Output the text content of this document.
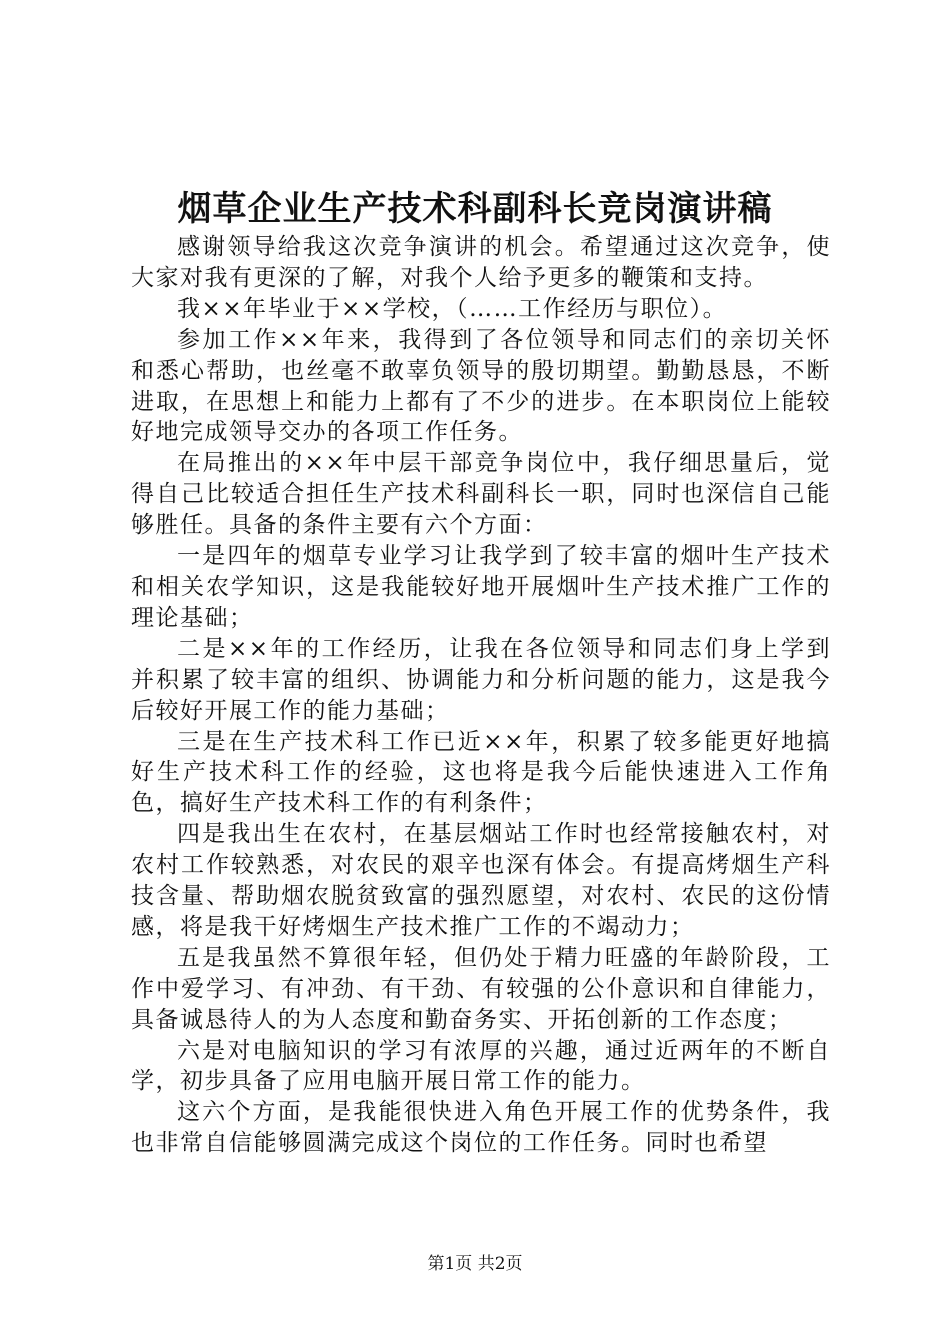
烟草企业生产技术科副科长竞岗演讲稿

感谢领导给我这次竞争演讲的机会。希望通过这次竞争，使大家对我有更深的了解，对我个人给予更多的鞭策和支持。

我××年毕业于××学校，（……工作经历与职位）。

参加工作××年来，我得到了各位领导和同志们的亲切关怀和悉心帮助，也丝毫不敢辜负领导的殷切期望。勤勤恳恳，不断进取，在思想上和能力上都有了不少的进步。在本职岗位上能较好地完成领导交办的各项工作任务。

在局推出的××年中层干部竞争岗位中，我仔细思量后，觉得自己比较适合担任生产技术科副科长一职，同时也深信自己能够胜任。具备的条件主要有六个方面：

一是四年的烟草专业学习让我学到了较丰富的烟叶生产技术和相关农学知识，这是我能较好地开展烟叶生产技术推广工作的理论基础；

二是××年的工作经历，让我在各位领导和同志们身上学到并积累了较丰富的组织、协调能力和分析问题的能力，这是我今后较好开展工作的能力基础；

三是在生产技术科工作已近××年，积累了较多能更好地搞好生产技术科工作的经验，这也将是我今后能快速进入工作角色，搞好生产技术科工作的有利条件；

四是我出生在农村，在基层烟站工作时也经常接触农村，对农村工作较熟悉，对农民的艰辛也深有体会。有提高烤烟生产科技含量、帮助烟农脱贫致富的强烈愿望，对农村、农民的这份情感，将是我干好烤烟生产技术推广工作的不竭动力；

五是我虽然不算很年轻，但仍处于精力旺盛的年龄阶段，工作中爱学习、有冲劲、有干劲、有较强的公仆意识和自律能力，具备诚恳待人的为人态度和勤奋务实、开拓创新的工作态度；

六是对电脑知识的学习有浓厚的兴趣，通过近两年的不断自学，初步具备了应用电脑开展日常工作的能力。

这六个方面，是我能很快进入角色开展工作的优势条件，我也非常自信能够圆满完成这个岗位的工作任务。同时也希望

第1页 共2页
